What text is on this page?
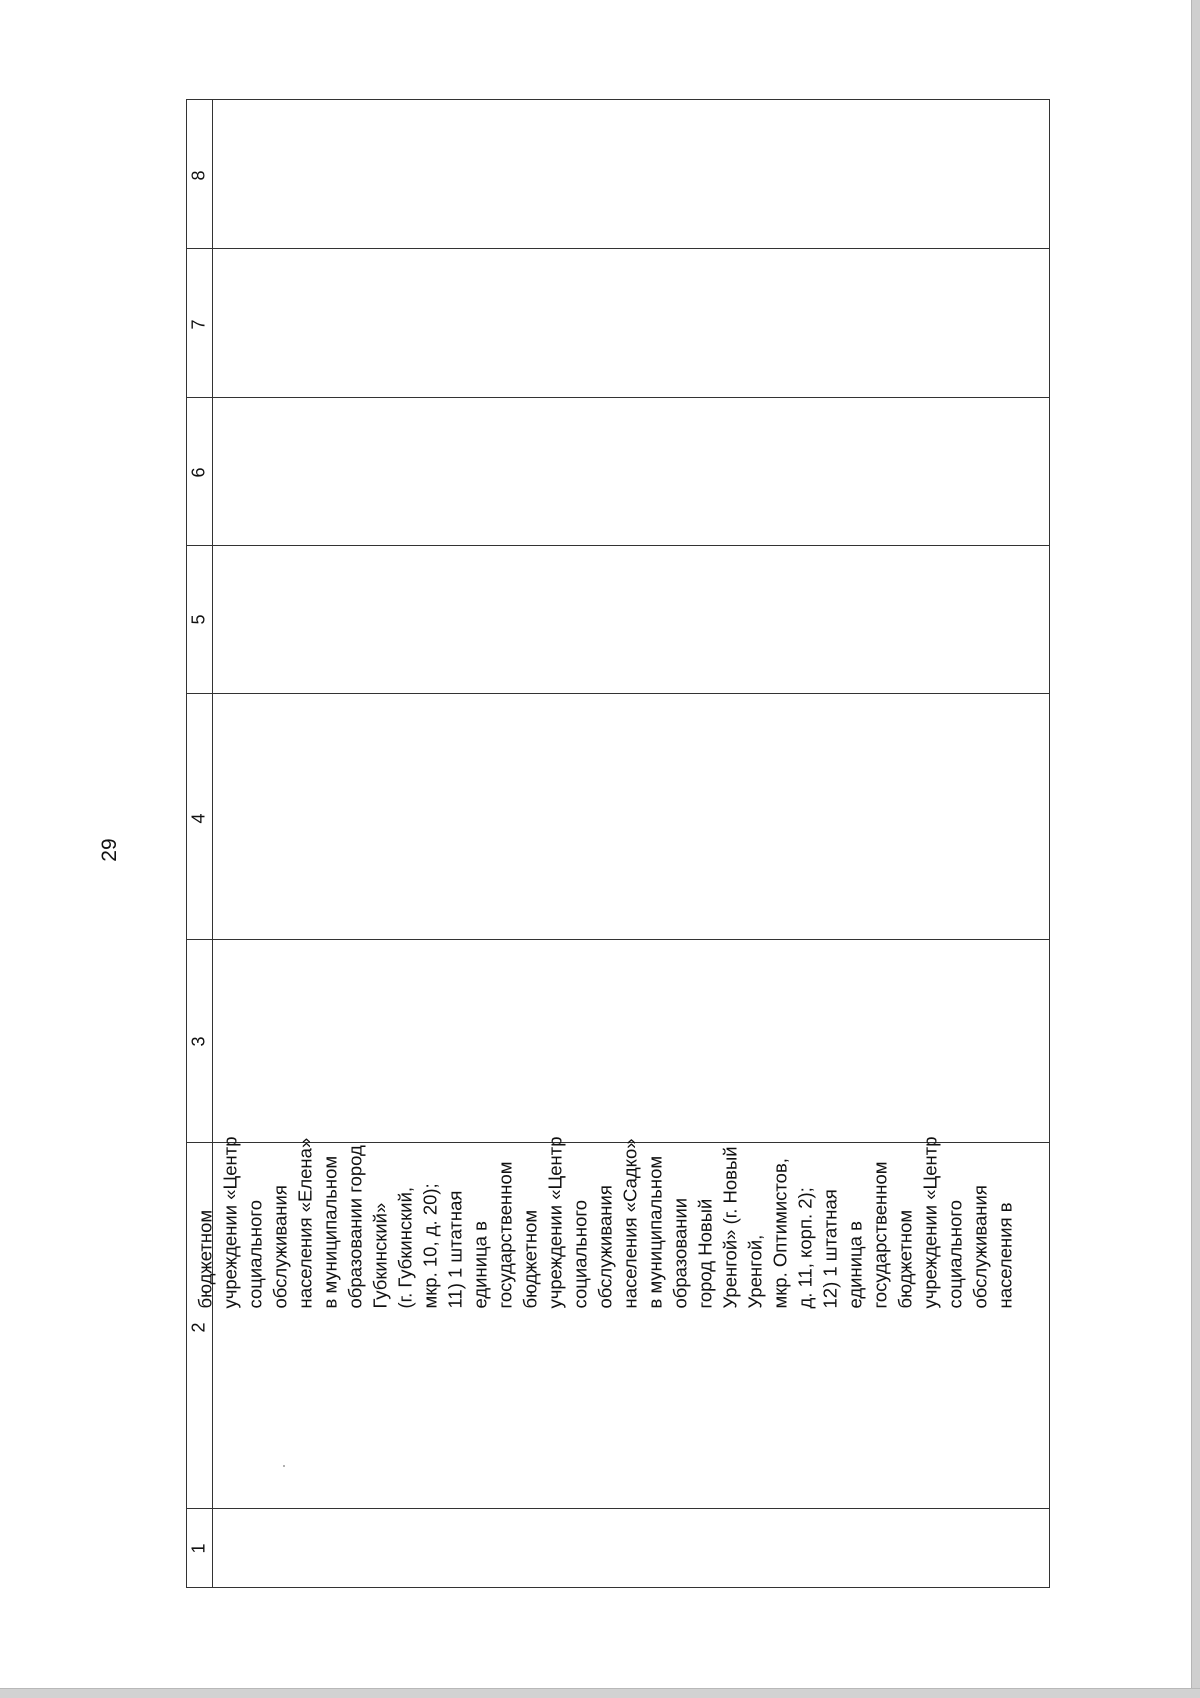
29
8
7
6
5
4
3
2
1
бюджетном учреждении «Центр социального обслуживания населения «Елена» в муниципальном образовании город Губкинский» (г. Губкинский, мкр. 10, д. 20); 11) 1 штатная единица в государственном бюджетном учреждении «Центр социального обслуживания населения «Садко» в муниципальном образовании город Новый Уренгой» (г. Новый Уренгой, мкр. Оптимистов, д. 11, корп. 2); 12) 1 штатная единица в государственном бюджетном учреждении «Центр социального обслуживания населения в
